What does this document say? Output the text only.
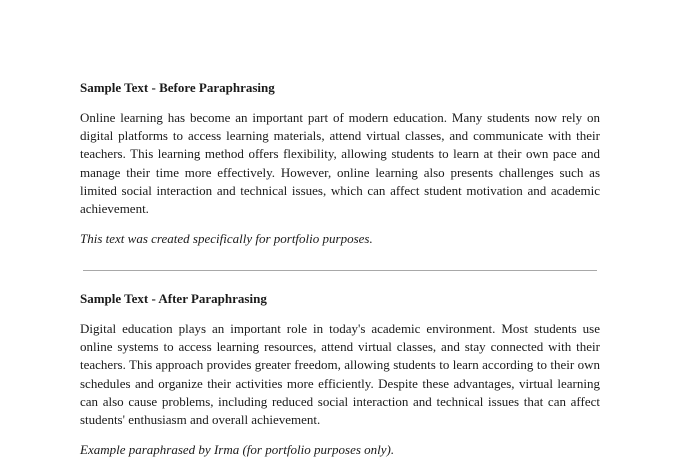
Sample Text - Before Paraphrasing
Online learning has become an important part of modern education. Many students now rely on digital platforms to access learning materials, attend virtual classes, and communicate with their teachers. This learning method offers flexibility, allowing students to learn at their own pace and manage their time more effectively. However, online learning also presents challenges such as limited social interaction and technical issues, which can affect student motivation and academic achievement.
This text was created specifically for portfolio purposes.
Sample Text - After Paraphrasing
Digital education plays an important role in today's academic environment. Most students use online systems to access learning resources, attend virtual classes, and stay connected with their teachers. This approach provides greater freedom, allowing students to learn according to their own schedules and organize their activities more efficiently. Despite these advantages, virtual learning can also cause problems, including reduced social interaction and technical issues that can affect students' enthusiasm and overall achievement.
Example paraphrased by Irma (for portfolio purposes only).
